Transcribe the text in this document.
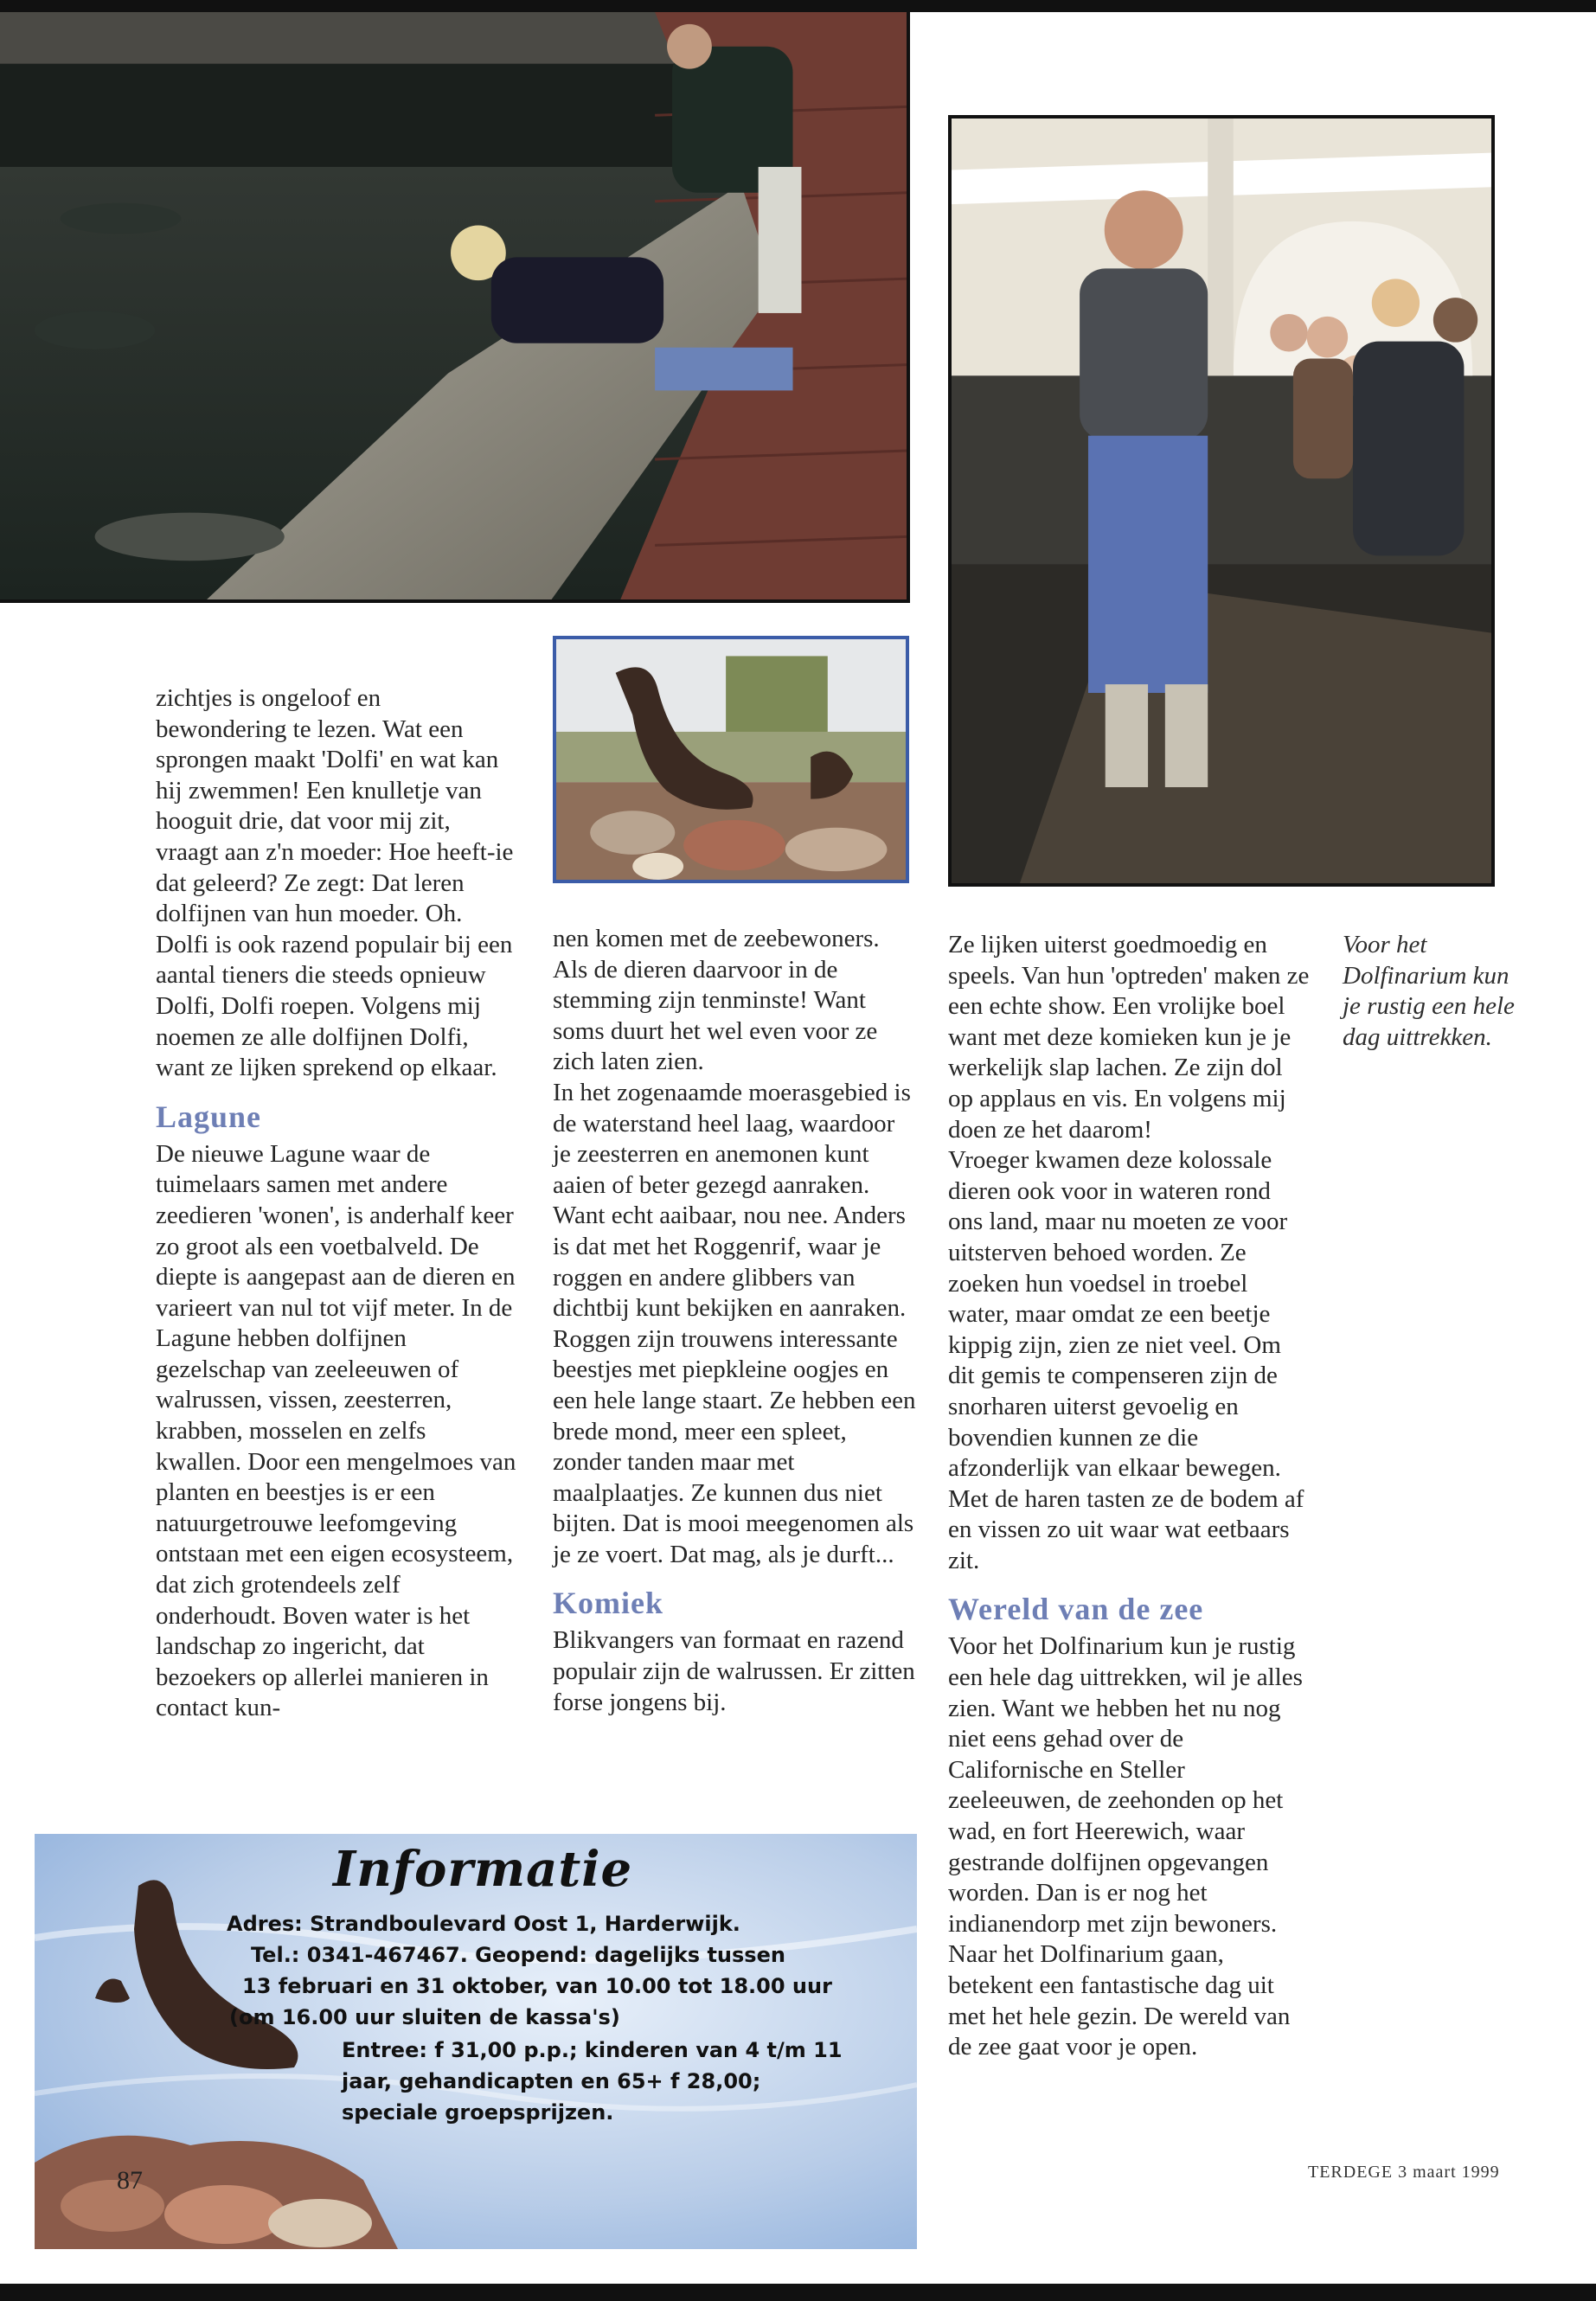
zichtjes is ongeloof en bewondering te lezen. Wat een sprongen maakt 'Dolfi' en wat kan hij zwemmen! Een knulletje van hooguit drie, dat voor mij zit, vraagt aan z'n moeder: Hoe heeft-ie dat geleerd? Ze zegt: Dat leren dolfijnen van hun moeder. Oh. Dolfi is ook razend populair bij een aantal tieners die steeds opnieuw Dolfi, Dolfi roepen. Volgens mij noemen ze alle dolfijnen Dolfi, want ze lijken sprekend op elkaar.

Lagune

De nieuwe Lagune waar de tuimelaars samen met andere zeedieren 'wonen', is anderhalf keer zo groot als een voetbalveld. De diepte is aangepast aan de dieren en varieert van nul tot vijf meter. In de Lagune hebben dolfijnen gezelschap van zeeleeuwen of walrussen, vissen, zeesterren, krabben, mosselen en zelfs kwallen. Door een mengelmoes van planten en beestjes is er een natuurgetrouwe leefomgeving ontstaan met een eigen ecosysteem, dat zich grotendeels zelf onderhoudt. Boven water is het landschap zo ingericht, dat bezoekers op allerlei manieren in contact kun-

nen komen met de zeebewoners. Als de dieren daarvoor in de stemming zijn tenminste! Want soms duurt het wel even voor ze zich laten zien.

In het zogenaamde moerasgebied is de waterstand heel laag, waardoor je zeesterren en anemonen kunt aaien of beter gezegd aanraken. Want echt aaibaar, nou nee. Anders is dat met het Roggenrif, waar je roggen en andere glibbers van dichtbij kunt bekijken en aanraken. Roggen zijn trouwens interessante beestjes met piepkleine oogjes en een hele lange staart. Ze hebben een brede mond, meer een spleet, zonder tanden maar met maalplaatjes. Ze kunnen dus niet bijten. Dat is mooi meegenomen als je ze voert. Dat mag, als je durft...

Komiek

Blikvangers van formaat en razend populair zijn de walrussen. Er zitten forse jongens bij.

Ze lijken uiterst goedmoedig en speels. Van hun 'optreden' maken ze een echte show. Een vrolijke boel want met deze komieken kun je je werkelijk slap lachen. Ze zijn dol op applaus en vis. En volgens mij doen ze het daarom!

Vroeger kwamen deze kolossale dieren ook voor in wateren rond ons land, maar nu moeten ze voor uitsterven behoed worden. Ze zoeken hun voedsel in troebel water, maar omdat ze een beetje kippig zijn, zien ze niet veel. Om dit gemis te compenseren zijn de snorharen uiterst gevoelig en bovendien kunnen ze die afzonderlijk van elkaar bewegen. Met de haren tasten ze de bodem af en vissen zo uit waar wat eetbaars zit.

Wereld van de zee

Voor het Dolfinarium kun je rustig een hele dag uittrekken, wil je alles zien. Want we hebben het nu nog niet eens gehad over de Californische en Steller zeeleeuwen, de zeehonden op het wad, en fort Heerewich, waar gestrande dolfijnen opgevangen worden. Dan is er nog het indianendorp met zijn bewoners.

Naar het Dolfinarium gaan, betekent een fantastische dag uit met het hele gezin. De wereld van de zee gaat voor je open.

Voor het Dolfinarium kun je rustig een hele dag uittrekken.
Informatie
Adres: Strandboulevard Oost 1, Harderwijk.
Tel.: 0341-467467. Geopend: dagelijks tussen
13 februari en 31 oktober, van 10.00 tot 18.00 uur
(om 16.00 uur sluiten de kassa's)
Entree: f 31,00 p.p.; kinderen van 4 t/m 11
jaar, gehandicapten en 65+ f 28,00;
speciale groepsprijzen.
87	TERDEGE 3 maart 1999
